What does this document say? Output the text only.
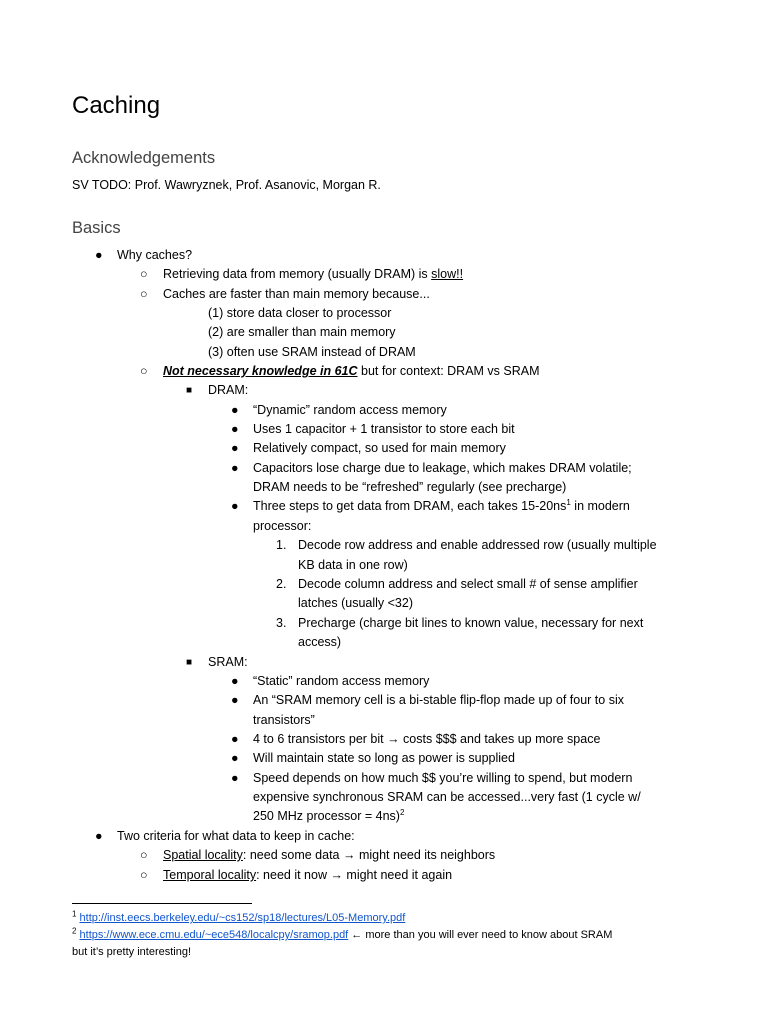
Caching
Acknowledgements

SV TODO: Prof. Wawryznek, Prof. Asanovic, Morgan R.

Basics
● Why caches?
○ Retrieving data from memory (usually DRAM) is slow!!
○ Caches are faster than main memory because...
(1) store data closer to processor
(2) are smaller than main memory
(3) often use SRAM instead of DRAM
○ Not necessary knowledge in 61C but for context: DRAM vs SRAM
■ DRAM:
● “Dynamic” random access memory
● Uses 1 capacitor + 1 transistor to store each bit
● Relatively compact, so used for main memory
● Capacitors lose charge due to leakage, which makes DRAM volatile;
DRAM needs to be “refreshed” regularly (see precharge)
● Three steps to get data from DRAM, each takes $15-20ns^1$ in modern
processor:
1. Decode row address and enable addressed row (usually multiple
KB data in one row)
2. Decode column address and select small # of sense amplifier
latches (usually <32)
3. Precharge (charge bit lines to known value, necessary for next
access)
■ SRAM:
● “Static” random access memory
● An “SRAM memory cell is a bi-stable flip-flop made up of four to six
transistors”
● 4 to 6 transistors per bit → costs $$$ and takes up more space
● Will maintain state so long as power is supplied
● Speed depends on how much $$ you’re willing to spend, but modern
expensive synchronous SRAM can be accessed...very fast (1 cycle w/
250 MHz processor = 4ns)$^2$
● Two criteria for what data to keep in cache:
○ Spatial locality: need some data → might need its neighbors
○ Temporal locality: need it now → might need it again
$^1$ http://inst.eecs.berkeley.edu/~cs152/sp18/lectures/L05-Memory.pdf
$^2$ https://www.ece.cmu.edu/~ece548/localcpy/sramop.pdf ← more than you will ever need to know about SRAM
but it’s pretty interesting!
